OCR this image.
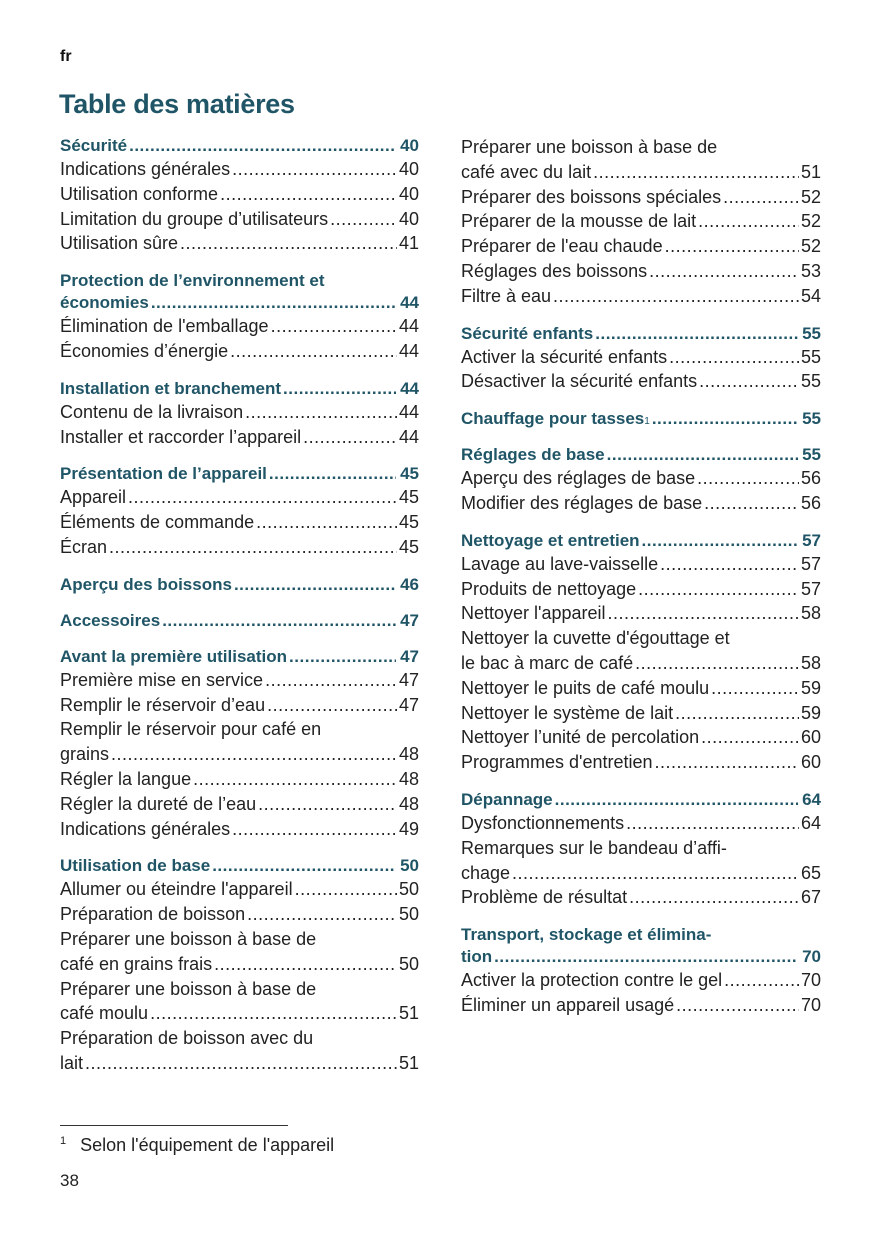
fr
Table des matières
Sécurité .....	40
Indications générales .....	40
Utilisation conforme .....	40
Limitation du groupe d’utilisateurs .....	40
Utilisation sûre .....	41
Protection de l’environnement et
économies .....	44
Élimination de l'emballage .....	44
Économies d’énergie .....	44
Installation et branchement .....	44
Contenu de la livraison .....	44
Installer et raccorder l’appareil .....	44
Présentation de l’appareil .....	45
Appareil .....	45
Éléments de commande .....	45
Écran .....	45
Aperçu des boissons .....	46
Accessoires .....	47
Avant la première utilisation .....	47
Première mise en service .....	47
Remplir le réservoir d’eau .....	47
Remplir le réservoir pour café en
grains .....	48
Régler la langue .....	48
Régler la dureté de l’eau .....	48
Indications générales .....	49
Utilisation de base .....	50
Allumer ou éteindre l'appareil .....	50
Préparation de boisson .....	50
Préparer une boisson à base de
café en grains frais .....	50
Préparer une boisson à base de
café moulu .....	51
Préparation de boisson avec du
lait .....	51
Préparer une boisson à base de
café avec du lait .....	51
Préparer des boissons spéciales .....	52
Préparer de la mousse de lait .....	52
Préparer de l'eau chaude .....	52
Réglages des boissons .....	53
Filtre à eau .....	54
Sécurité enfants .....	55
Activer la sécurité enfants .....	55
Désactiver la sécurité enfants .....	55
Chauffage pour tasses 1 .....	55
Réglages de base .....	55
Aperçu des réglages de base .....	56
Modifier des réglages de base .....	56
Nettoyage et entretien .....	57
Lavage au lave-vaisselle .....	57
Produits de nettoyage .....	57
Nettoyer l'appareil .....	58
Nettoyer la cuvette d'égouttage et
le bac à marc de café .....	58
Nettoyer le puits de café moulu .....	59
Nettoyer le système de lait .....	59
Nettoyer l’unité de percolation .....	60
Programmes d'entretien .....	60
Dépannage .....	64
Dysfonctionnements .....	64
Remarques sur le bandeau d’affi-
chage .....	65
Problème de résultat .....	67
Transport, stockage et élimina-
tion .....	70
Activer la protection contre le gel .....	70
Éliminer un appareil usagé .....	70
$^1$ Selon l'équipement de l'appareil
38
